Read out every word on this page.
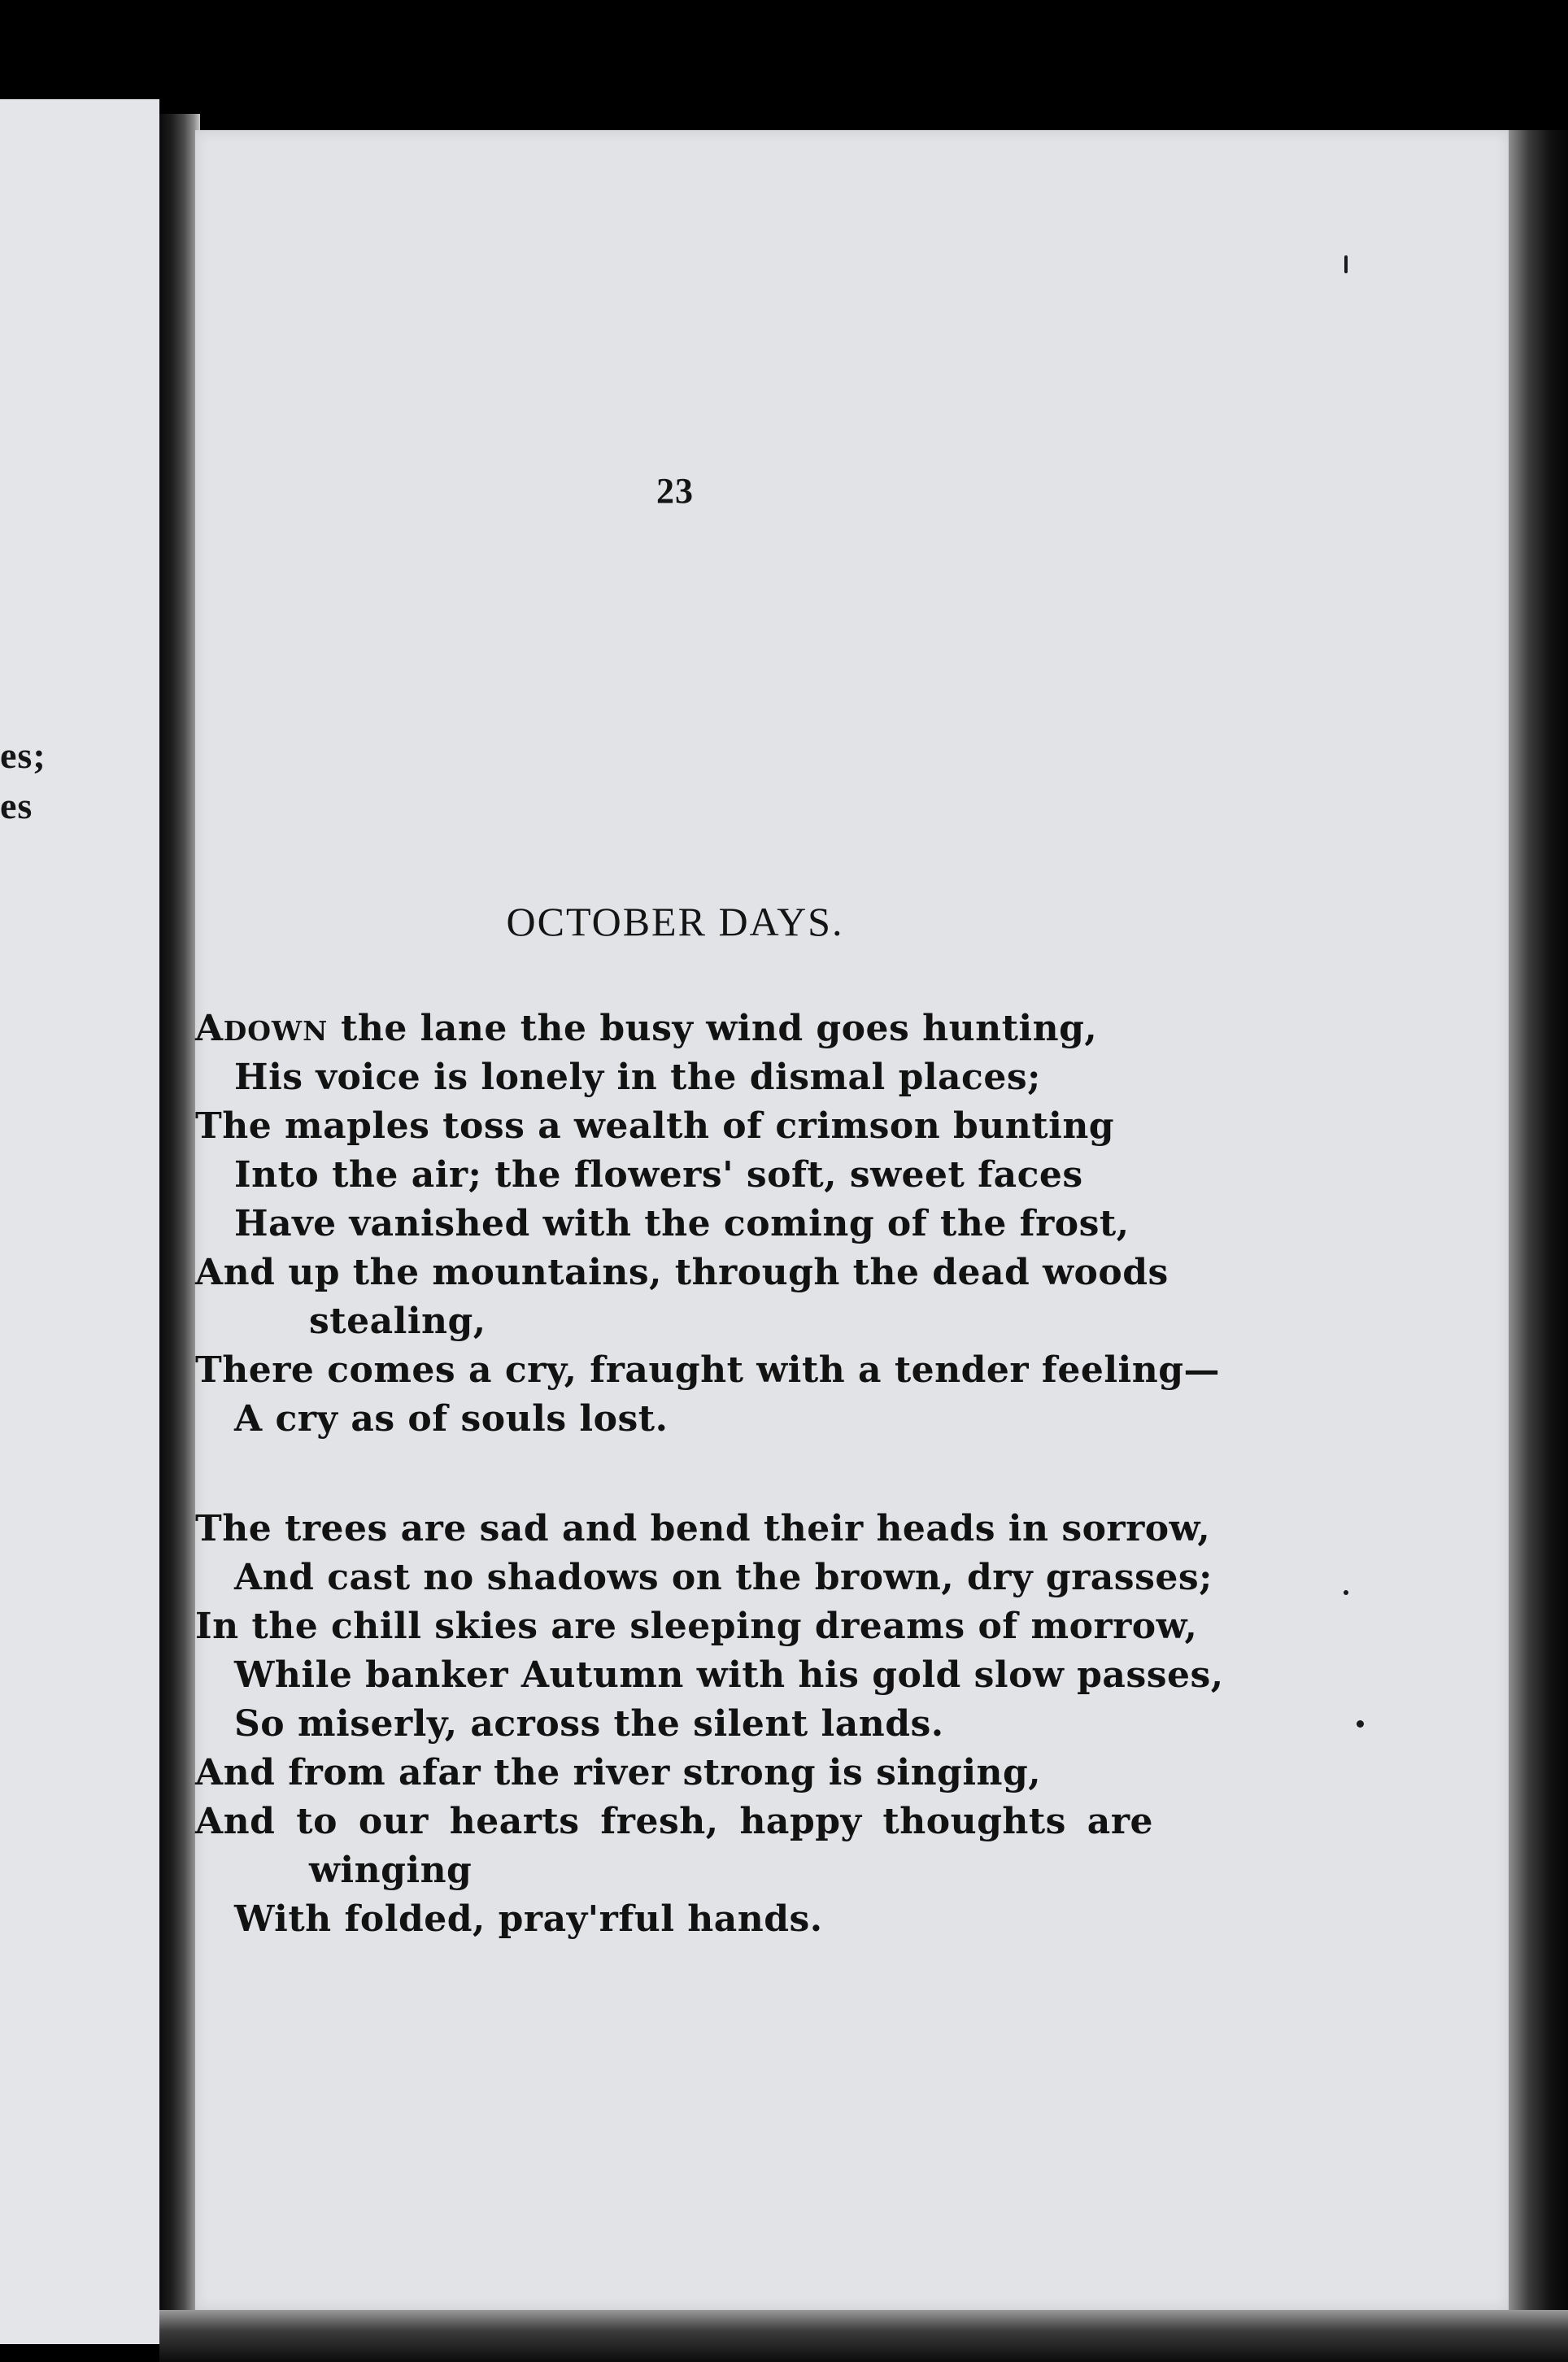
es;
es
23
OCTOBER DAYS.
ADOWN the lane the busy wind goes hunting,
His voice is lonely in the dismal places;
The maples toss a wealth of crimson bunting
Into the air; the flowers' soft, sweet faces
Have vanished with the coming of the frost,
And up the mountains, through the dead woods
stealing,
There comes a cry, fraught with a tender feeling—
A cry as of souls lost.
The trees are sad and bend their heads in sorrow,
And cast no shadows on the brown, dry grasses;
In the chill skies are sleeping dreams of morrow,
While banker Autumn with his gold slow passes,
So miserly, across the silent lands.
And from afar the river strong is singing,
And to our hearts fresh, happy thoughts are
winging
With folded, pray'rful hands.
